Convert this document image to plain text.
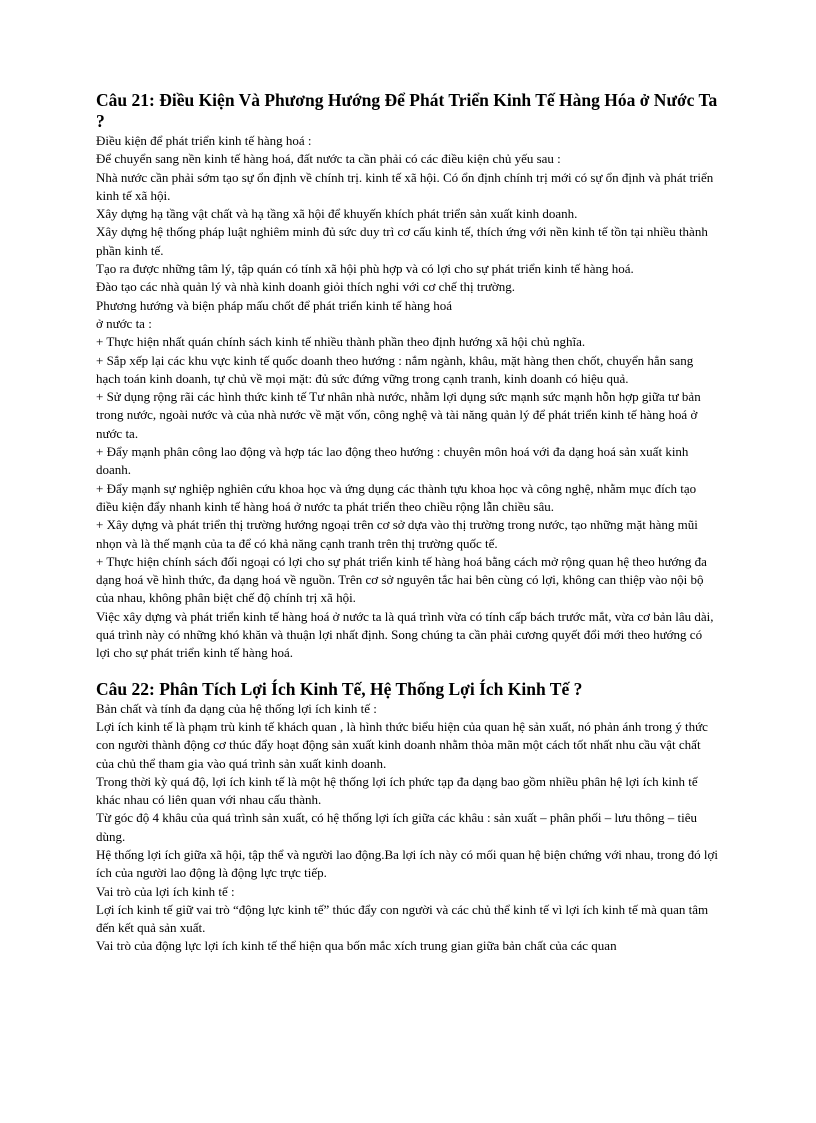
Câu 21: Điều Kiện Và Phương Hướng Để Phát Triển Kinh Tế Hàng Hóa ở Nước Ta ?

Điều kiện để phát triển kinh tế hàng hoá :

Để chuyển sang nền kinh tế hàng hoá, đất nước ta cần phải có các điều kiện chủ yếu sau :

Nhà nước cần phải sớm tạo sự ổn định về chính trị. kinh tế xã hội. Có ổn định chính trị mới có sự ổn định và phát triển kinh tế xã hội.

Xây dựng hạ tầng vật chất và hạ tầng xã hội để khuyến khích phát triển sản xuất kinh doanh.

Xây dựng hệ thống pháp luật nghiêm minh đủ sức duy trì cơ cấu kinh tế, thích ứng với nền kinh tế tồn tại nhiều thành phần kinh tế.

Tạo ra được những tâm lý, tập quán có tính xã hội phù hợp và có lợi cho sự phát triển kinh tế hàng hoá.

Đào tạo các nhà quản lý và nhà kinh doanh giỏi thích nghi với cơ chế thị trường.

Phương hướng và biện pháp mấu chốt để phát triển kinh tế hàng hoá

ở nước ta :

+ Thực hiện nhất quán chính sách kinh tế nhiều thành phần theo định hướng xã hội chủ nghĩa.

+ Sắp xếp lại các khu vực kinh tế quốc doanh theo hướng : nắm ngành, khâu, mặt hàng then chốt, chuyển hẳn sang hạch toán kinh doanh, tự chủ về mọi mặt: đủ sức đứng vững trong cạnh tranh, kinh doanh có hiệu quả.

+ Sử dụng rộng rãi các hình thức kinh tế Tư nhân nhà nước, nhằm lợi dụng sức mạnh sức mạnh hỗn hợp giữa tư bản trong nước, ngoài nước và của nhà nước về mặt vốn, công nghệ và tài năng quản lý để phát triển kinh tế hàng hoá ở nước ta.

+ Đẩy mạnh phân công lao động và hợp tác lao động theo hướng : chuyên môn hoá với đa dạng hoá sản xuất kinh doanh.

+ Đẩy mạnh sự nghiệp nghiên cứu khoa học và ứng dụng các thành tựu khoa học và công nghệ, nhằm mục đích tạo điều kiện đẩy nhanh kinh tế hàng hoá ở nước ta phát triển theo chiều rộng lẫn chiều sâu.

+ Xây dựng và phát triển thị trường hướng ngoại trên cơ sở dựa vào thị trường trong nước, tạo những mặt hàng mũi nhọn và là thế mạnh của ta để có khả năng cạnh tranh trên thị trường quốc tế.

+ Thực hiện chính sách đối ngoại có lợi cho sự phát triển kinh tế hàng hoá bằng cách mở rộng quan hệ theo hướng đa dạng hoá về hình thức, đa dạng hoá về nguồn. Trên cơ sở nguyên tắc hai bên cùng có lợi, không can thiệp vào nội bộ của nhau, không phân biệt chế độ chính trị xã hội.

Việc xây dựng và phát triển kinh tế hàng hoá ở nước ta là quá trình vừa có tính cấp bách trước mắt, vừa cơ bản lâu dài, quá trình này có những khó khăn và thuận lợi nhất định. Song chúng ta cần phải cương quyết đổi mới theo hướng có lợi cho sự phát triển kinh tế hàng hoá.

Câu 22: Phân Tích Lợi Ích Kinh Tế, Hệ Thống Lợi Ích Kinh Tế ?

Bản chất và tính đa dạng của hệ thống lợi ích kinh tế :

Lợi ích kinh tế là phạm trù kinh tế khách quan , là hình thức biểu hiện của quan hệ sản xuất, nó phản ánh trong ý thức con người thành động cơ thúc đẩy hoạt động sản xuất kinh doanh nhằm thỏa mãn một cách tốt nhất nhu cầu vật chất của chủ thể tham gia vào quá trình sản xuất kinh doanh.

Trong thời kỳ quá độ, lợi ích kinh tế là một hệ thống lợi ích phức tạp đa dạng bao gồm nhiều phân hệ lợi ích kinh tế khác nhau có liên quan với nhau cấu thành.

Từ góc độ 4 khâu của quá trình sản xuất, có hệ thống lợi ích giữa các khâu : sản xuất – phân phối – lưu thông – tiêu dùng.

Hệ thống lợi ích giữa xã hội, tập thể và người lao động.Ba lợi ích này có mối quan hệ biện chứng với nhau, trong đó lợi ích của người lao động là động lực trực tiếp.

Vai trò của lợi ích kinh tế :

Lợi ích kinh tế giữ vai trò “động lực kinh tế” thúc đẩy con người và các chủ thể kinh tế vì lợi ích kinh tế mà quan tâm đến kết quả sản xuất.

Vai trò của động lực lợi ích kinh tế thể hiện qua bốn mắc xích trung gian giữa bản chất của các quan
